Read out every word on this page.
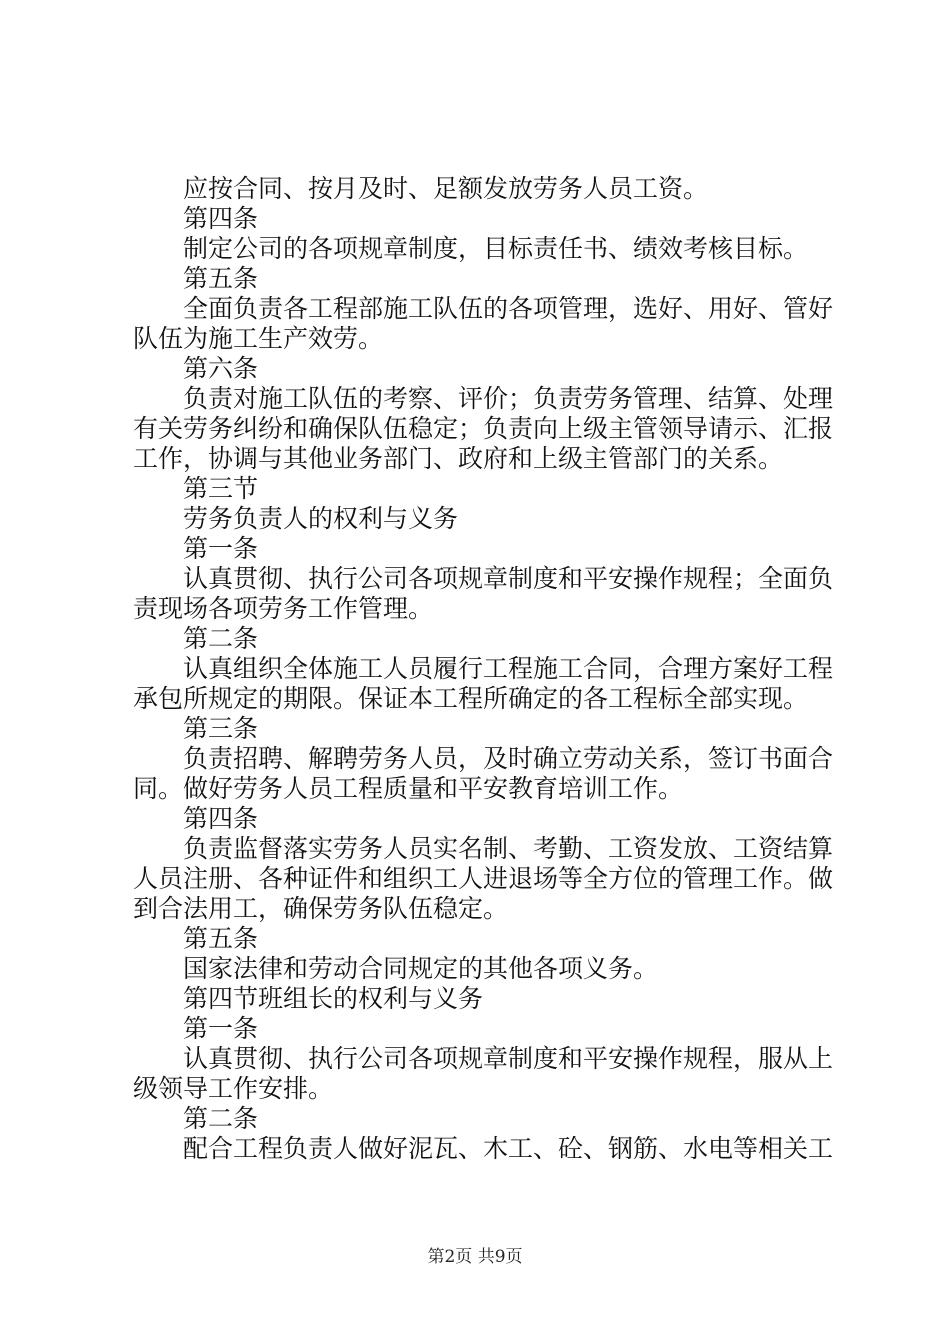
应按合同、按月及时、足额发放劳务人员工资。

第四条

制定公司的各项规章制度，目标责任书、绩效考核目标。

第五条

全面负责各工程部施工队伍的各项管理，选好、用好、管好队伍为施工生产效劳。

第六条

负责对施工队伍的考察、评价；负责劳务管理、结算、处理有关劳务纠纷和确保队伍稳定；负责向上级主管领导请示、汇报工作，协调与其他业务部门、政府和上级主管部门的关系。

第三节

劳务负责人的权利与义务

第一条

认真贯彻、执行公司各项规章制度和平安操作规程；全面负责现场各项劳务工作管理。

第二条

认真组织全体施工人员履行工程施工合同，合理方案好工程承包所规定的期限。保证本工程所确定的各工程标全部实现。

第三条

负责招聘、解聘劳务人员，及时确立劳动关系，签订书面合同。做好劳务人员工程质量和平安教育培训工作。

第四条

负责监督落实劳务人员实名制、考勤、工资发放、工资结算人员注册、各种证件和组织工人进退场等全方位的管理工作。做到合法用工，确保劳务队伍稳定。

第五条

国家法律和劳动合同规定的其他各项义务。

第四节班组长的权利与义务

第一条

认真贯彻、执行公司各项规章制度和平安操作规程，服从上级领导工作安排。

第二条

配合工程负责人做好泥瓦、木工、砼、钢筋、水电等相关工

第2页 共9页
